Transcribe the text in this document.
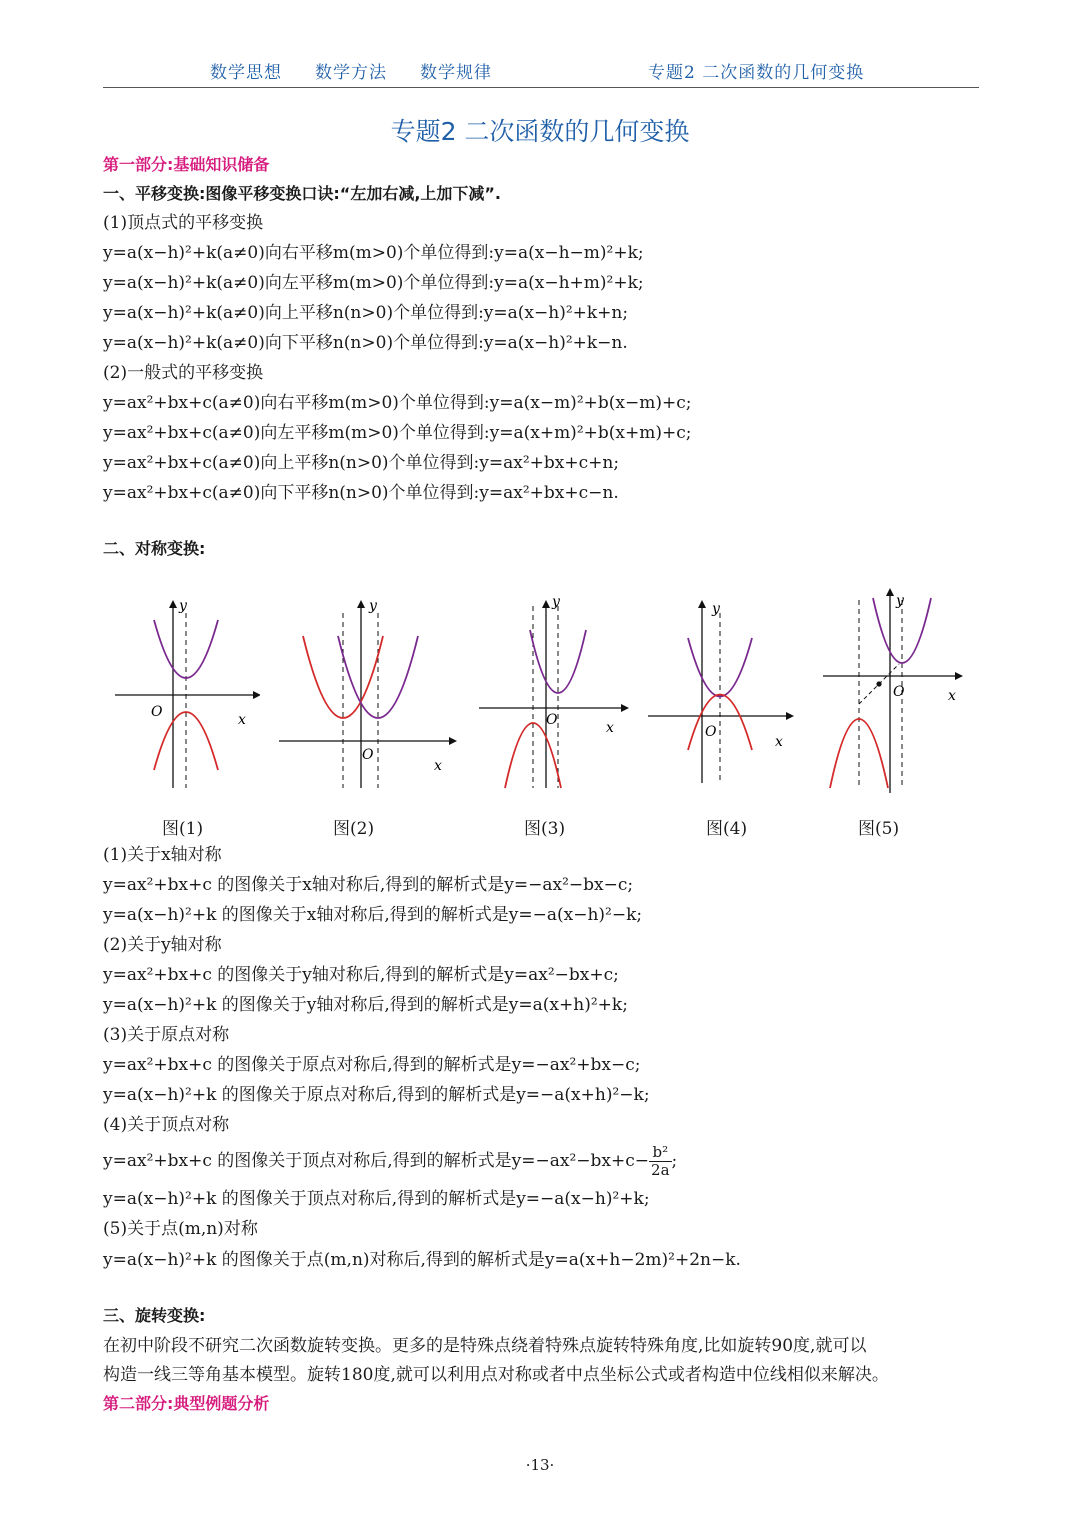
数学思想 数学方法 数学规律	专题2 二次函数的几何变换
专题2 二次函数的几何变换
第一部分:基础知识储备
一、平移变换:图像平移变换口诀:“左加右减,上加下减”.
(1)顶点式的平移变换
y=a(x−h)²+k(a≠0)向右平移m(m>0)个单位得到:y=a(x−h−m)²+k;
y=a(x−h)²+k(a≠0)向左平移m(m>0)个单位得到:y=a(x−h+m)²+k;
y=a(x−h)²+k(a≠0)向上平移n(n>0)个单位得到:y=a(x−h)²+k+n;
y=a(x−h)²+k(a≠0)向下平移n(n>0)个单位得到:y=a(x−h)²+k−n.
(2)一般式的平移变换
y=ax²+bx+c(a≠0)向右平移m(m>0)个单位得到:y=a(x−m)²+b(x−m)+c;
y=ax²+bx+c(a≠0)向左平移m(m>0)个单位得到:y=a(x+m)²+b(x+m)+c;
y=ax²+bx+c(a≠0)向上平移n(n>0)个单位得到:y=ax²+bx+c+n;
y=ax²+bx+c(a≠0)向下平移n(n>0)个单位得到:y=ax²+bx+c−n.
二、对称变换:
y
x
O
y
x
O
y
x
O
y
x
O
y
x
O
图(1)	图(2)	图(3)	图(4)	图(5)
(1)关于x轴对称
y=ax²+bx+c 的图像关于x轴对称后,得到的解析式是y=−ax²−bx−c;
y=a(x−h)²+k 的图像关于x轴对称后,得到的解析式是y=−a(x−h)²−k;
(2)关于y轴对称
y=ax²+bx+c 的图像关于y轴对称后,得到的解析式是y=ax²−bx+c;
y=a(x−h)²+k 的图像关于y轴对称后,得到的解析式是y=a(x+h)²+k;
(3)关于原点对称
y=ax²+bx+c 的图像关于原点对称后,得到的解析式是y=−ax²+bx−c;
y=a(x−h)²+k 的图像关于原点对称后,得到的解析式是y=−a(x+h)²−k;
(4)关于顶点对称
y=ax²+bx+c 的图像关于顶点对称后,得到的解析式是$y=-ax^2-bx+c- \frac{\text{b²}}{2a}$ ;
y=a(x−h)²+k 的图像关于顶点对称后,得到的解析式是y=−a(x−h)²+k;
(5)关于点(m,n)对称
y=a(x−h)²+k 的图像关于点(m,n)对称后,得到的解析式是y=a(x+h−2m)²+2n−k.
三、旋转变换:
在初中阶段不研究二次函数旋转变换。更多的是特殊点绕着特殊点旋转特殊角度,比如旋转90度,就可以
构造一线三等角基本模型。旋转180度,就可以利用点对称或者中点坐标公式或者构造中位线相似来解决。
第二部分:典型例题分析
·13·
